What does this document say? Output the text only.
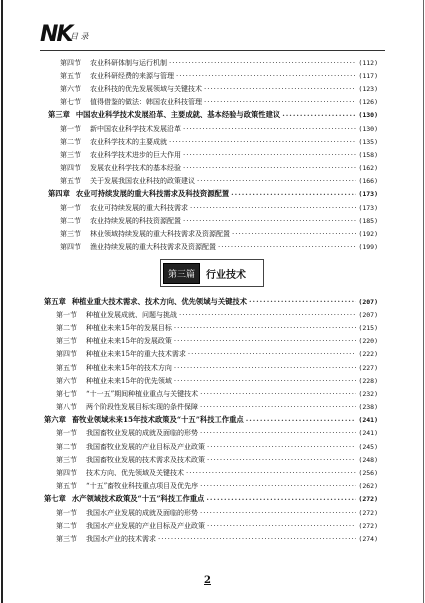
NK
目 录
第四节	农业科研体制与运行机制 ·····	(112)
第五节	农业科研经费的来源与管理 ·····	(117)
第六节	农业科技的优先发展领域与关键技术 ·····	(123)
第七节	值得借鉴的做法：韩国农业科技管理 ·····	(126)
第三章 中国农业科学技术发展沿革、主要成就、基本经验与政策性建议 ·····	(130)
第一节	新中国农业科学技术发展沿革 ·····	(130)
第二节	农业科学技术的主要成就 ·····	(135)
第三节	农业科学技术进步的巨大作用 ·····	(158)
第四节	发展农业科学技术的基本经验 ·····	(162)
第五节	关于发展我国农业科技的政策建议 ·····	(166)
第四章 农业可持续发展的重大科技需求及科技资源配置 ·····	(173)
第一节	农业可持续发展的重大科技需求 ·····	(173)
第二节	农业持续发展的科技资源配置 ·····	(185)
第三节	林业领域持续发展的重大科技需求及资源配置 ·····	(192)
第四节	渔业持续发展的重大科技需求及资源配置 ·····	(199)
第三篇	行业技术
第五章 种植业重大技术需求、技术方向、优先领域与关键技术 ·····	(207)
第一节	种植业发展成就、问题与挑战 ·····	(207)
第二节	种植业未来15年的发展目标 ·····	(215)
第三节	种植业未来15年的发展政策 ·····	(220)
第四节	种植业未来15年的重大技术需求 ·····	(222)
第五节	种植业未来15年的技术方向 ·····	(227)
第六节	种植业未来15年的优先领域 ·····	(228)
第七节	“十一五”期间种植业重点与关键技术 ·····	(232)
第八节	两个阶段性发展目标实现的条件保障 ·····	(238)
第六章 畜牧业领域未来15年技术政策及“十五”科技工作重点 ·····	(241)
第一节	我国畜牧业发展的成就及面临的形势 ·····	(241)
第二节	我国畜牧业发展的产业目标及产业政策 ·····	(245)
第三节	我国畜牧业发展的技术需求及技术政策 ·····	(248)
第四节	技术方向、优先领域及关键技术 ·····	(256)
第五节	“十五”畜牧业科技重点项目及优先序 ·····	(262)
第七章 水产领域技术政策及“十五”科技工作重点 ·····	(272)
第一节	我国水产业发展的成就及面临的形势 ·····	(272)
第二节	我国水产业发展的产业目标及产业政策 ·····	(272)
第三节	我国水产业的技术需求 ·····	(274)
2
